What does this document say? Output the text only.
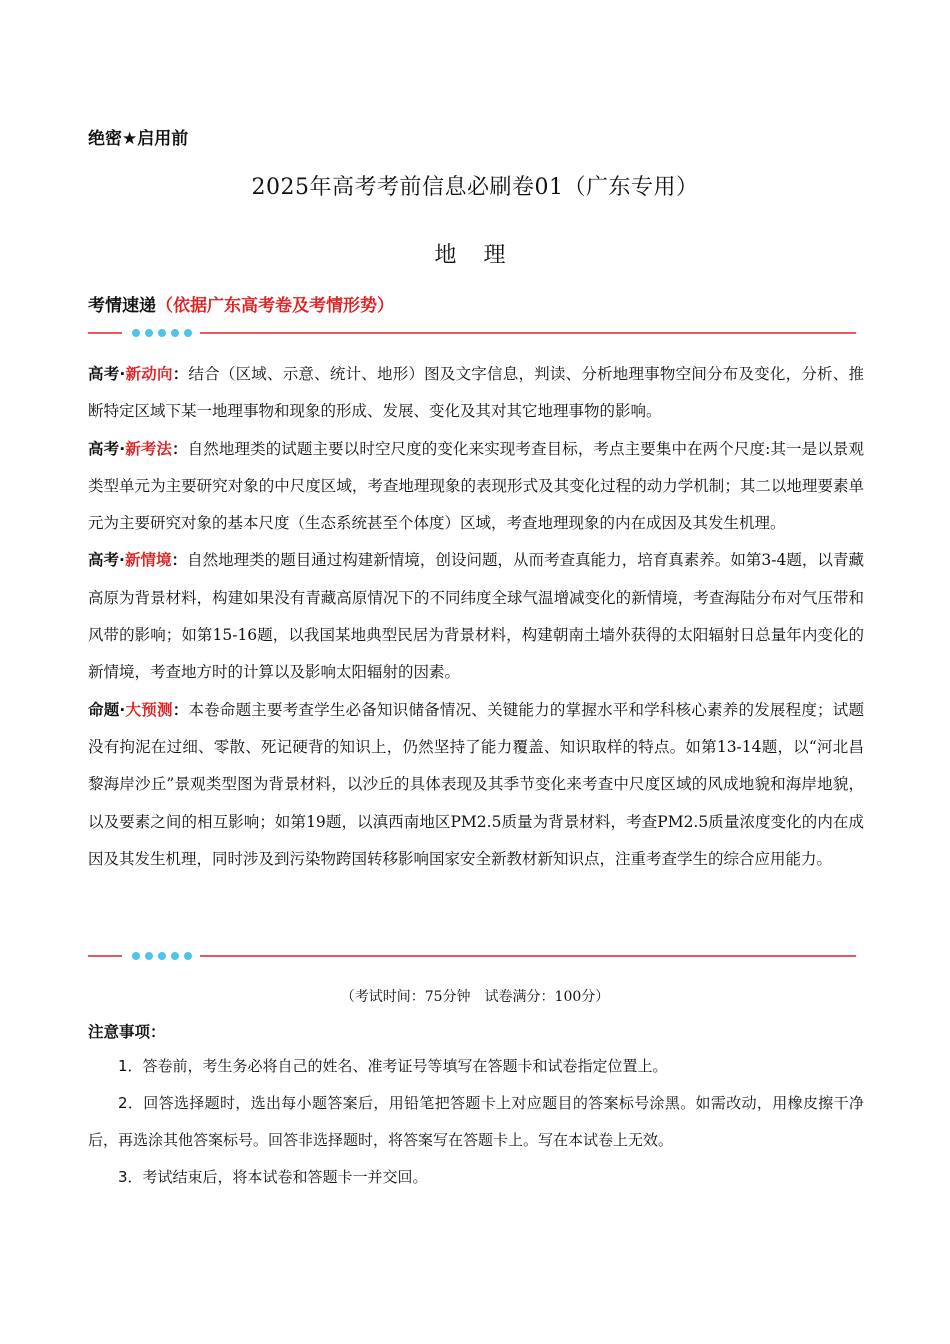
绝密★启用前
2025年高考考前信息必刷卷01（广东专用）
地 理
考情速递（依据广东高考卷及考情形势）

高考·新动向：结合（区域、示意、统计、地形）图及文字信息，判读、分析地理事物空间分布及变化，分析、推断特定区域下某一地理事物和现象的形成、发展、变化及其对其它地理事物的影响。

高考·新考法：自然地理类的试题主要以时空尺度的变化来实现考查目标，考点主要集中在两个尺度:其一是以景观类型单元为主要研究对象的中尺度区域，考查地理现象的表现形式及其变化过程的动力学机制；其二以地理要素单元为主要研究对象的基本尺度（生态系统甚至个体度）区域，考查地理现象的内在成因及其发生机理。

高考·新情境：自然地理类的题目通过构建新情境，创设问题，从而考查真能力，培育真素养。如第3-4题，以青藏高原为背景材料，构建如果没有青藏高原情况下的不同纬度全球气温增减变化的新情境，考查海陆分布对气压带和风带的影响；如第15-16题，以我国某地典型民居为背景材料，构建朝南土墙外获得的太阳辐射日总量年内变化的新情境，考查地方时的计算以及影响太阳辐射的因素。

命题·大预测：本卷命题主要考查学生必备知识储备情况、关键能力的掌握水平和学科核心素养的发展程度；试题没有拘泥在过细、零散、死记硬背的知识上，仍然坚持了能力覆盖、知识取样的特点。如第13-14题，以“河北昌黎海岸沙丘”景观类型图为背景材料，以沙丘的具体表现及其季节变化来考查中尺度区域的风成地貌和海岸地貌，以及要素之间的相互影响；如第19题，以滇西南地区PM2.5质量为背景材料，考查PM2.5质量浓度变化的内在成因及其发生机理，同时涉及到污染物跨国转移影响国家安全新教材新知识点，注重考查学生的综合应用能力。

（考试时间：75分钟　试卷满分：100分）
注意事项：

1．答卷前，考生务必将自己的姓名、准考证号等填写在答题卡和试卷指定位置上。

2．回答选择题时，选出每小题答案后，用铅笔把答题卡上对应题目的答案标号涂黑。如需改动，用橡皮擦干净后，再选涂其他答案标号。回答非选择题时，将答案写在答题卡上。写在本试卷上无效。

3．考试结束后，将本试卷和答题卡一并交回。
